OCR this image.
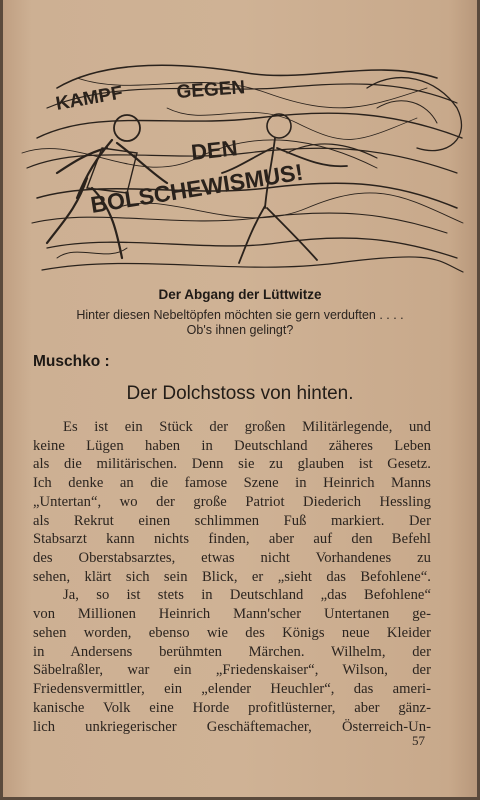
KAMPF	GEGEN
DEN
BOLSCHEWISMUS!
Der Abgang der Lüttwitze
Hinter diesen Nebeltöpfen möchten sie gern verduften . . . .
Ob's ihnen gelingt?
Muschko :
Der Dolchstoss von hinten.
Es ist ein Stück der großen Militärlegende, und
keine Lügen haben in Deutschland zäheres Leben
als die militärischen. Denn sie zu glauben ist Gesetz.
Ich denke an die famose Szene in Heinrich Manns
„Untertan“, wo der große Patriot Diederich Hessling
als Rekrut einen schlimmen Fuß markiert. Der
Stabsarzt kann nichts finden, aber auf den Befehl
des Oberstabsarztes, etwas nicht Vorhandenes zu
sehen, klärt sich sein Blick, er „sieht das Befohlene“.
Ja, so ist stets in Deutschland „das Befohlene“
von Millionen Heinrich Mann'scher Untertanen ge-
sehen worden, ebenso wie des Königs neue Kleider
in Andersens berühmten Märchen. Wilhelm, der
Säbelraßler, war ein „Friedenskaiser“, Wilson, der
Friedensvermittler, ein „elender Heuchler“, das ameri-
kanische Volk eine Horde profitlüsterner, aber gänz-
lich unkriegerischer Geschäftemacher, Österreich-Un-
57
